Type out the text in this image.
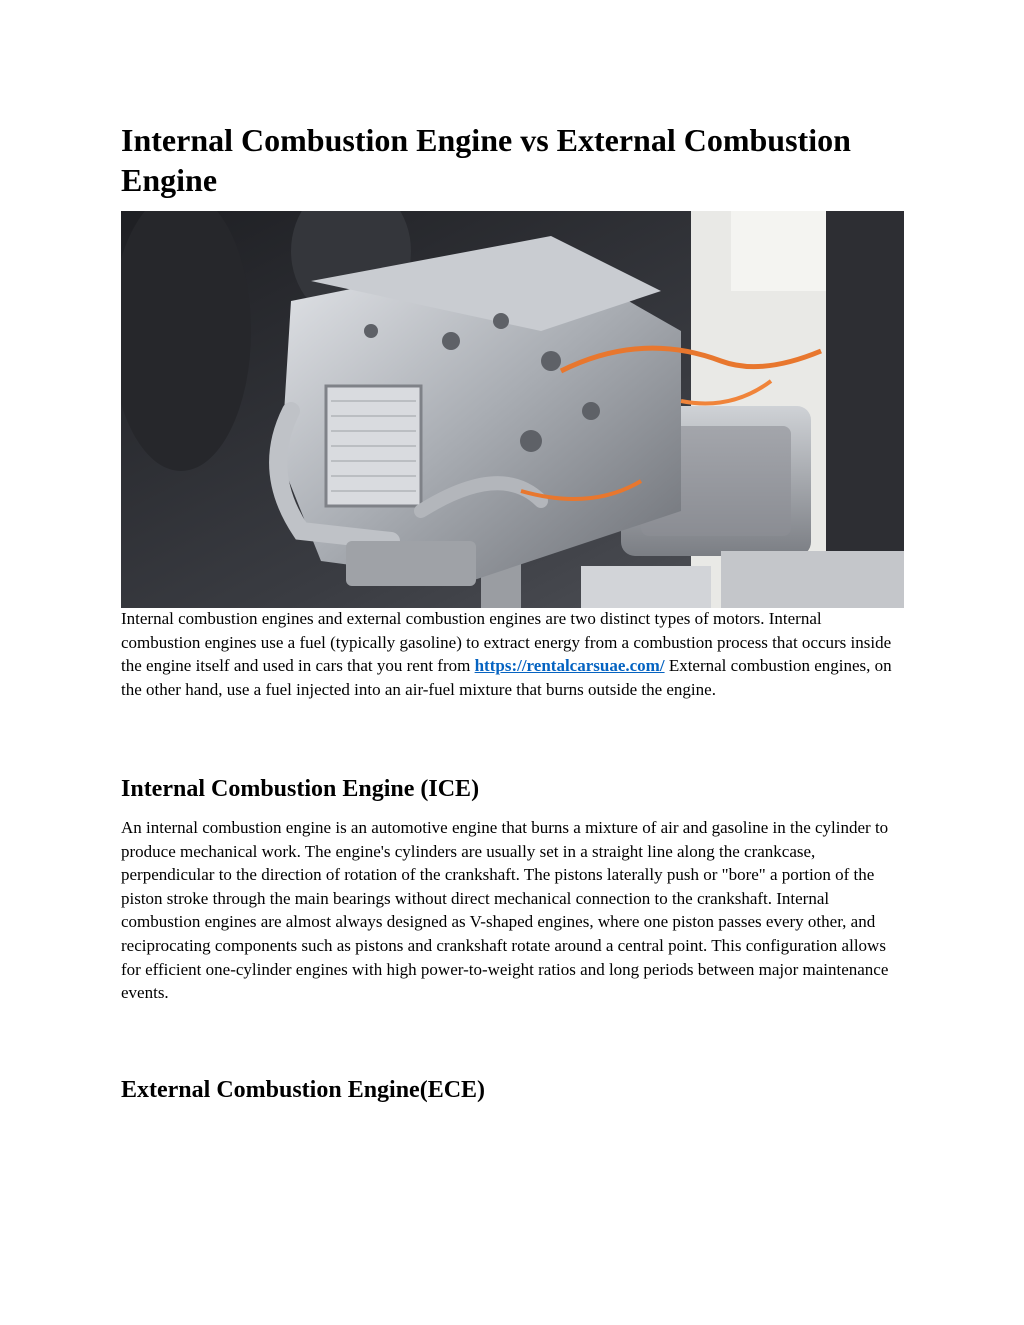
Internal Combustion Engine vs External Combustion Engine

Internal combustion engines and external combustion engines are two distinct types of motors. Internal combustion engines use a fuel (typically gasoline) to extract energy from a combustion process that occurs inside the engine itself and used in cars that you rent from https://rentalcarsuae.com/ External combustion engines, on the other hand, use a fuel injected into an air-fuel mixture that burns outside the engine.

Internal Combustion Engine (ICE)

An internal combustion engine is an automotive engine that burns a mixture of air and gasoline in the cylinder to produce mechanical work. The engine's cylinders are usually set in a straight line along the crankcase, perpendicular to the direction of rotation of the crankshaft. The pistons laterally push or "bore" a portion of the piston stroke through the main bearings without direct mechanical connection to the crankshaft. Internal combustion engines are almost always designed as V-shaped engines, where one piston passes every other, and reciprocating components such as pistons and crankshaft rotate around a central point. This configuration allows for efficient one-cylinder engines with high power-to-weight ratios and long periods between major maintenance events.

External Combustion Engine(ECE)
